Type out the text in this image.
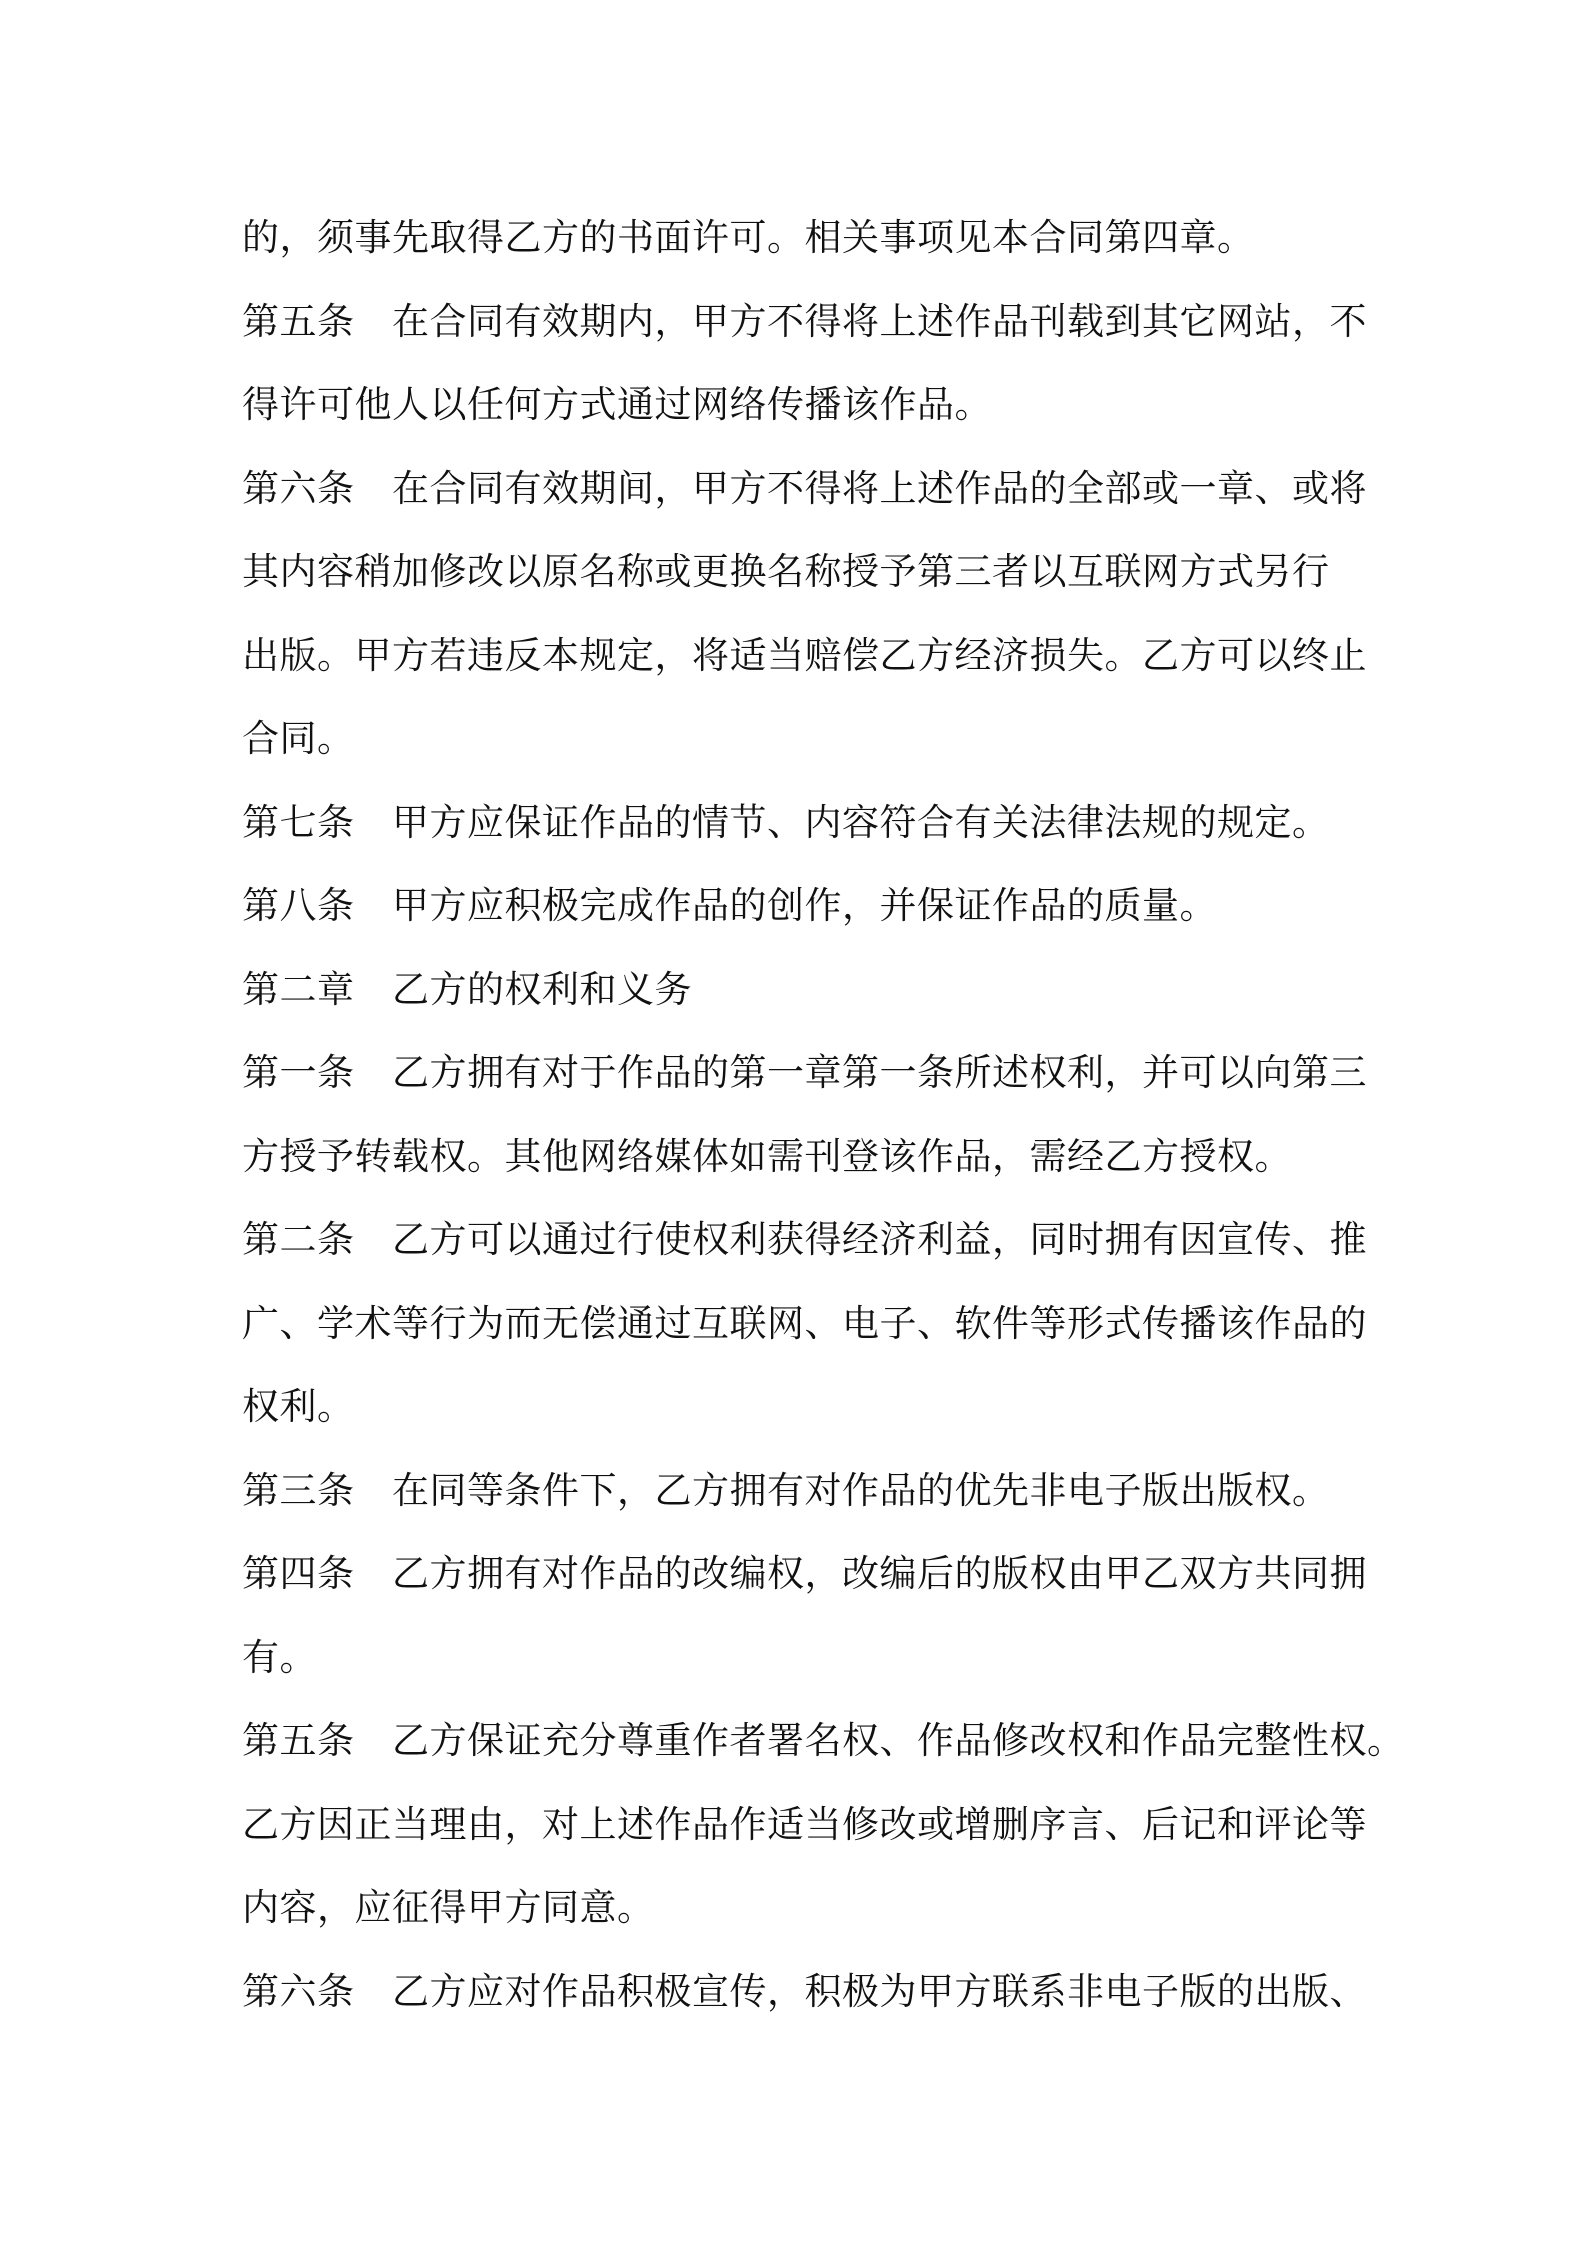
的，须事先取得乙方的书面许可。相关事项见本合同第四章。
第五条　在合同有效期内，甲方不得将上述作品刊载到其它网站，不
得许可他人以任何方式通过网络传播该作品。
第六条　在合同有效期间，甲方不得将上述作品的全部或一章、或将
其内容稍加修改以原名称或更换名称授予第三者以互联网方式另行
出版。甲方若违反本规定，将适当赔偿乙方经济损失。乙方可以终止
合同。
第七条　甲方应保证作品的情节、内容符合有关法律法规的规定。
第八条　甲方应积极完成作品的创作，并保证作品的质量。
第二章　乙方的权利和义务
第一条　乙方拥有对于作品的第一章第一条所述权利，并可以向第三
方授予转载权。其他网络媒体如需刊登该作品，需经乙方授权。
第二条　乙方可以通过行使权利获得经济利益，同时拥有因宣传、推
广、学术等行为而无偿通过互联网、电子、软件等形式传播该作品的
权利。
第三条　在同等条件下，乙方拥有对作品的优先非电子版出版权。
第四条　乙方拥有对作品的改编权，改编后的版权由甲乙双方共同拥
有。
第五条　乙方保证充分尊重作者署名权、作品修改权和作品完整性权。
乙方因正当理由，对上述作品作适当修改或增删序言、后记和评论等
内容，应征得甲方同意。
第六条　乙方应对作品积极宣传，积极为甲方联系非电子版的出版、
